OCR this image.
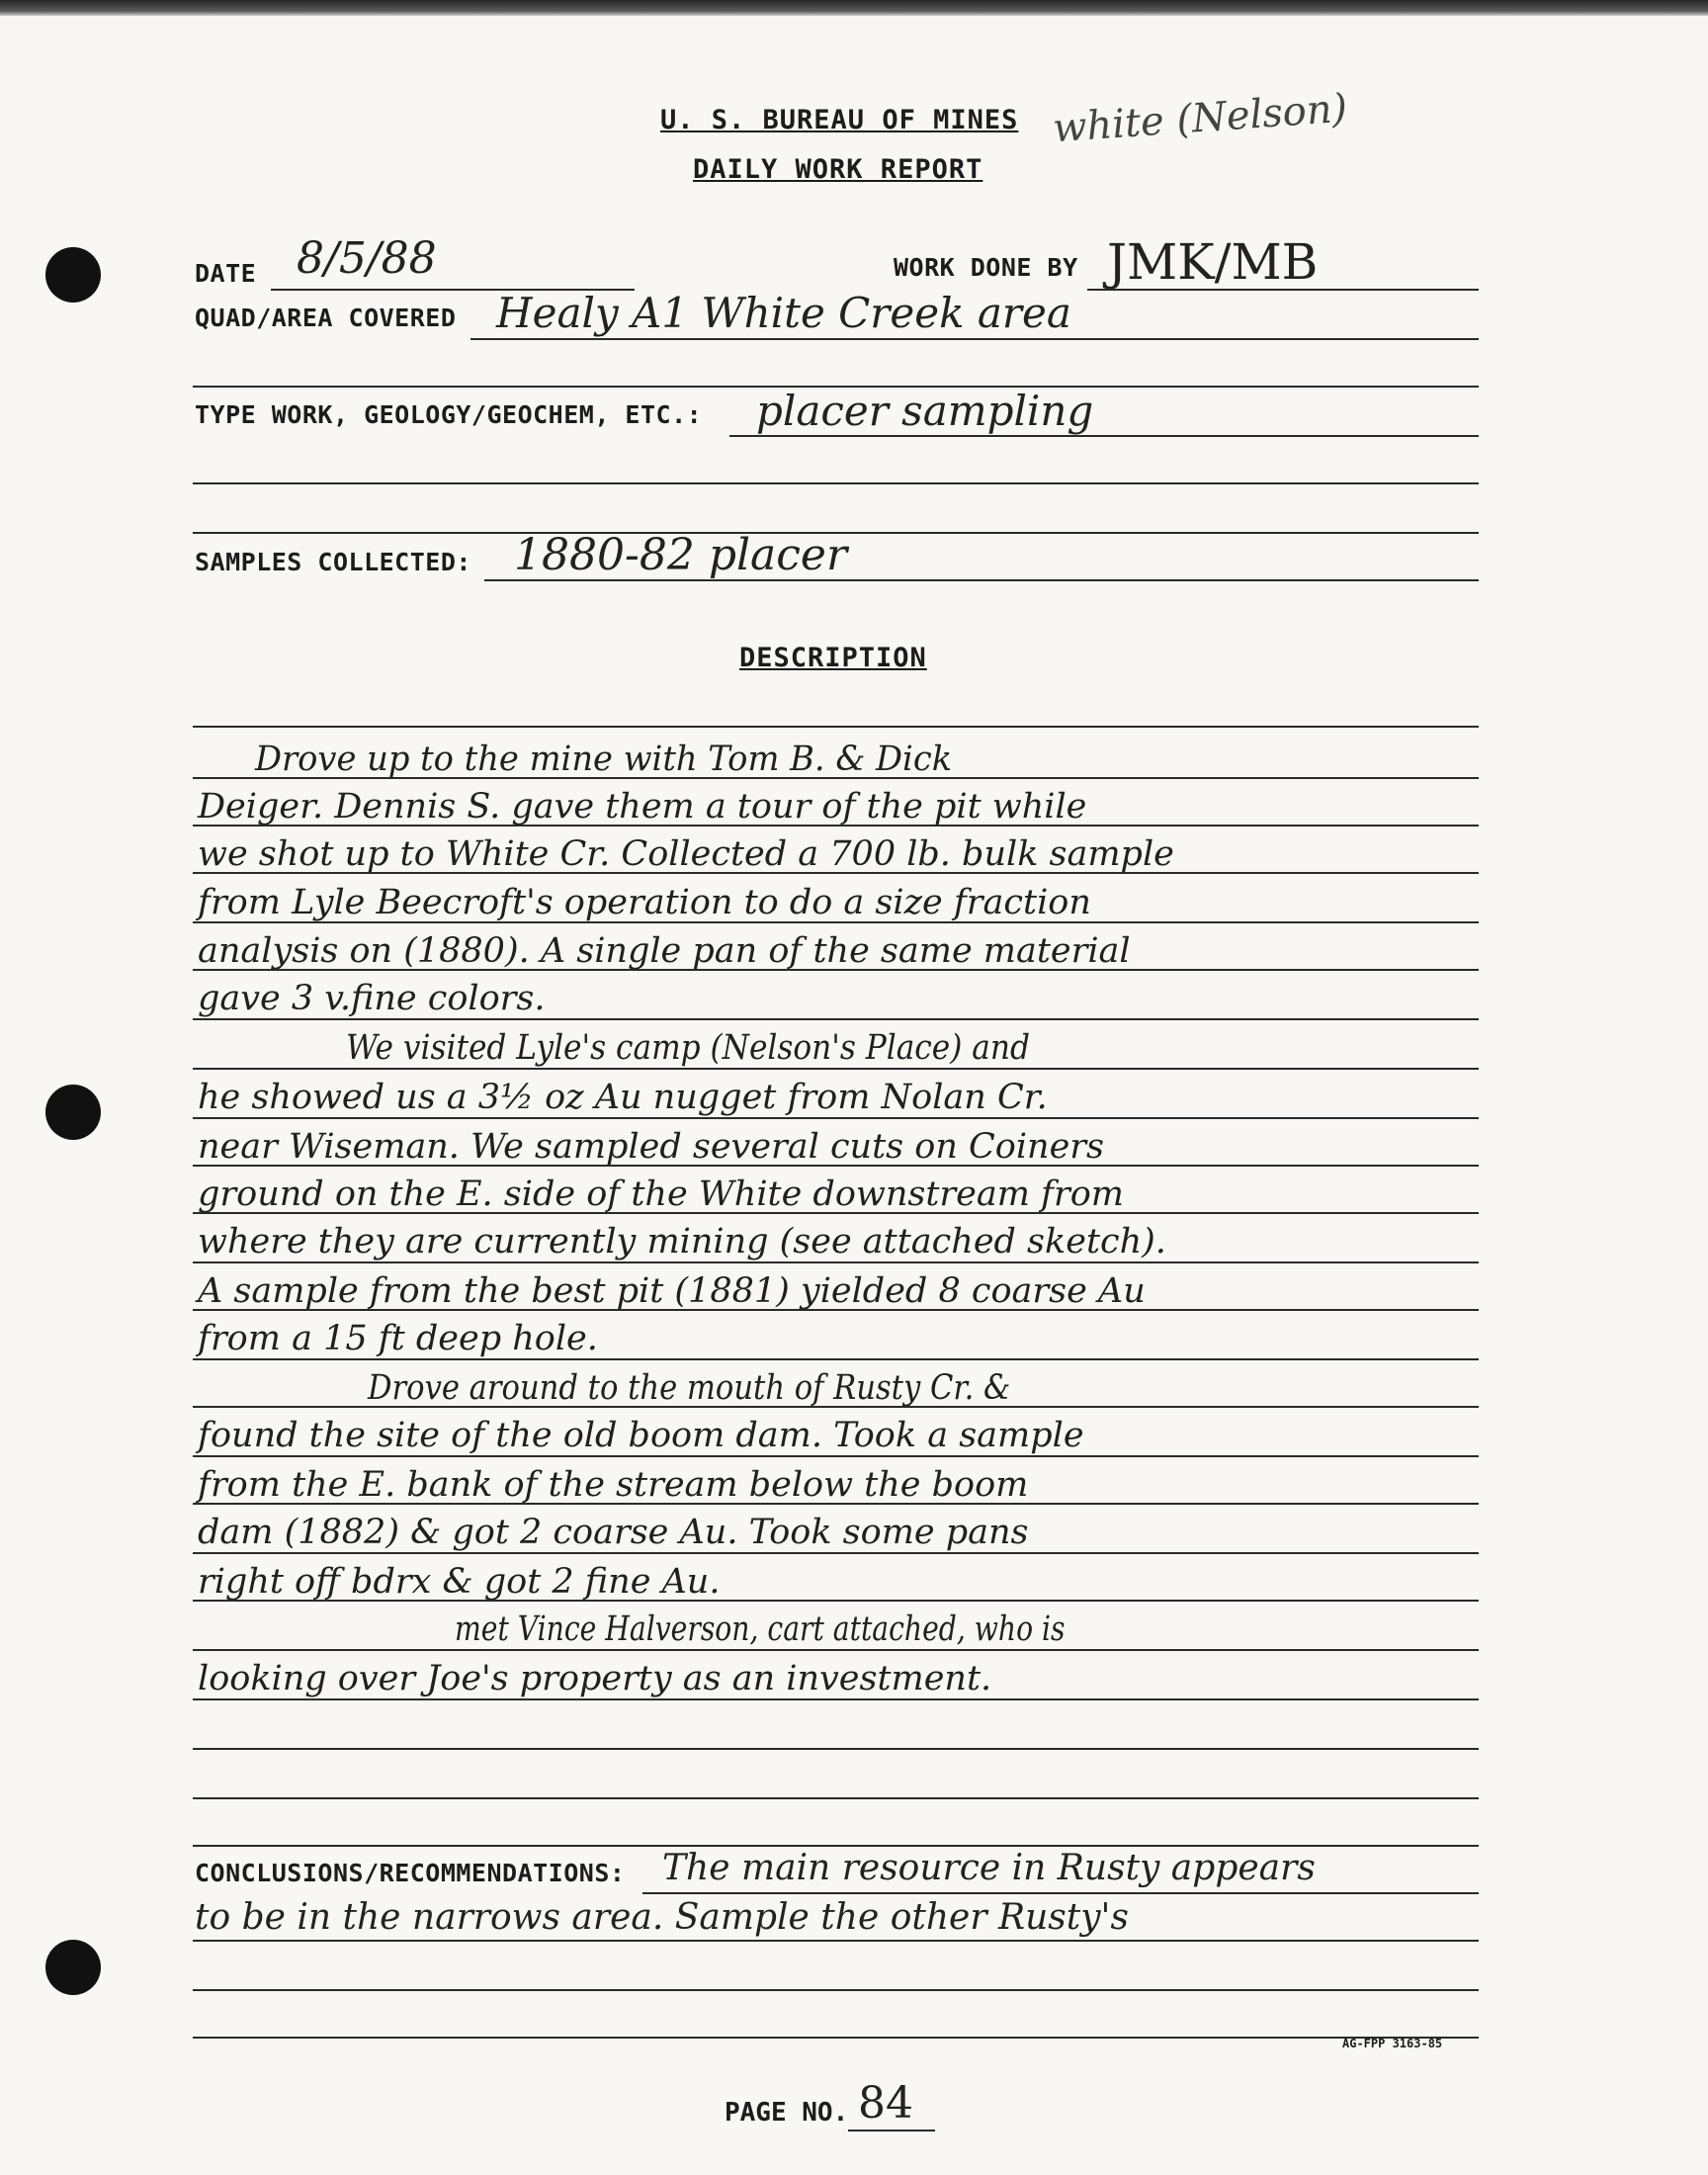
U. S. BUREAU OF MINES
DAILY WORK REPORT
white (Nelson)
DATE 8/5/88	WORK DONE BY JMK/MB
QUAD/AREA COVERED Healy A1 White Creek area
TYPE WORK, GEOLOGY/GEOCHEM, ETC.: placer sampling
SAMPLES COLLECTED: 1880-82 placer
DESCRIPTION
Drove up to the mine with Tom B. & Dick
Deiger. Dennis S. gave them a tour of the pit while
we shot up to White Cr. Collected a 700 lb. bulk sample
from Lyle Beecroft's operation to do a size fraction
analysis on (1880). A single pan of the same material
gave 3 v.fine colors.
We visited Lyle's camp (Nelson's Place) and
he showed us a 3½ oz Au nugget from Nolan Cr.
near Wiseman. We sampled several cuts on Coiners
ground on the E. side of the White downstream from
where they are currently mining (see attached sketch).
A sample from the best pit (1881) yielded 8 coarse Au
from a 15 ft deep hole.
Drove around to the mouth of Rusty Cr. &
found the site of the old boom dam. Took a sample
from the E. bank of the stream below the boom
dam (1882) & got 2 coarse Au. Took some pans
right off bdrx & got 2 fine Au.
met Vince Halverson, cart attached, who is
looking over Joe's property as an investment.
CONCLUSIONS/RECOMMENDATIONS: The main resource in Rusty appears
to be in the narrows area. Sample the other Rusty's
AG-FPP 3163-85
PAGE NO. 84
